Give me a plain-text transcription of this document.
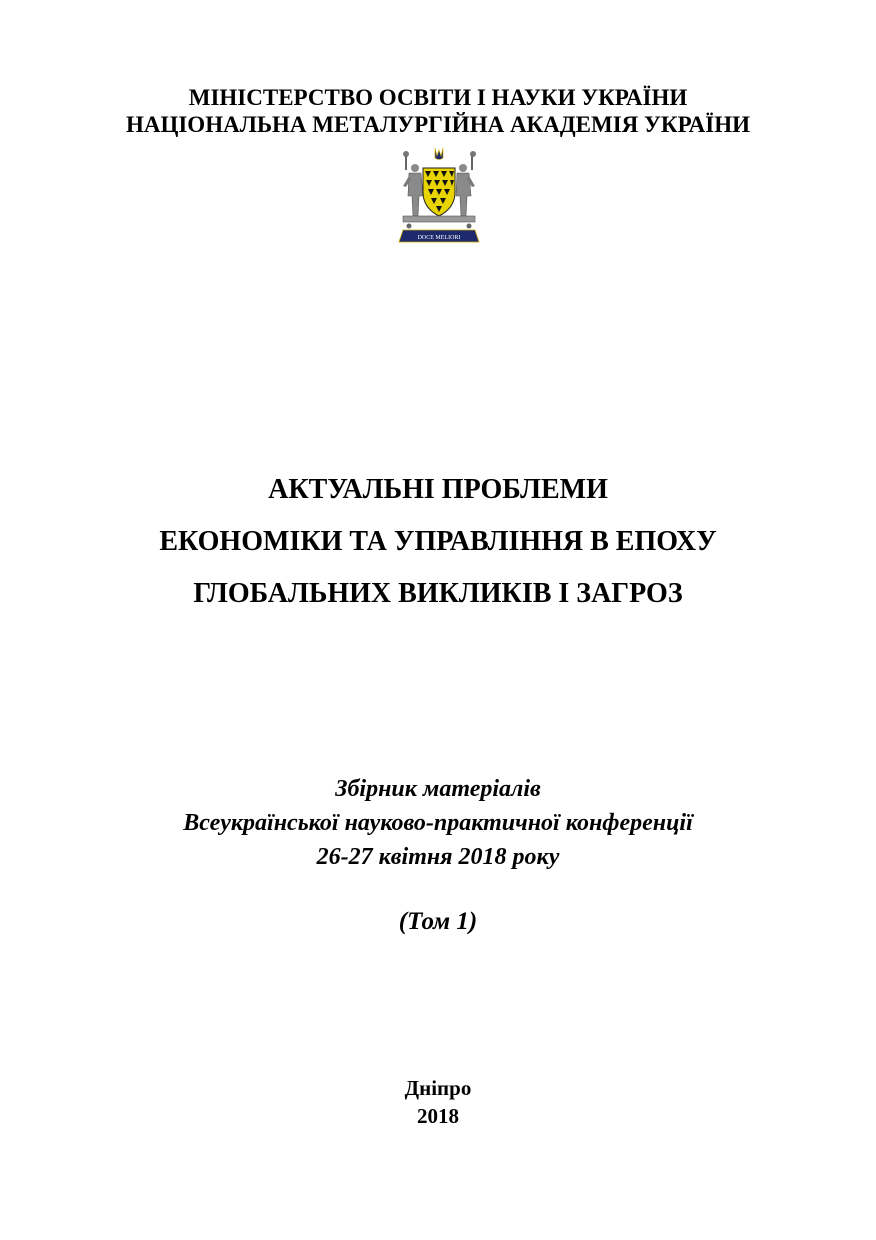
МІНІСТЕРСТВО ОСВІТИ І НАУКИ УКРАЇНИ
НАЦІОНАЛЬНА МЕТАЛУРГІЙНА АКАДЕМІЯ УКРАЇНИ
DOCE MELIORI
АКТУАЛЬНІ ПРОБЛЕМИ
ЕКОНОМІКИ ТА УПРАВЛІННЯ В ЕПОХУ
ГЛОБАЛЬНИХ ВИКЛИКІВ І ЗАГРОЗ
Збірник матеріалів
Всеукраїнської науково-практичної конференції
26-27 квітня 2018 року
(Том 1)
Дніпро
2018
